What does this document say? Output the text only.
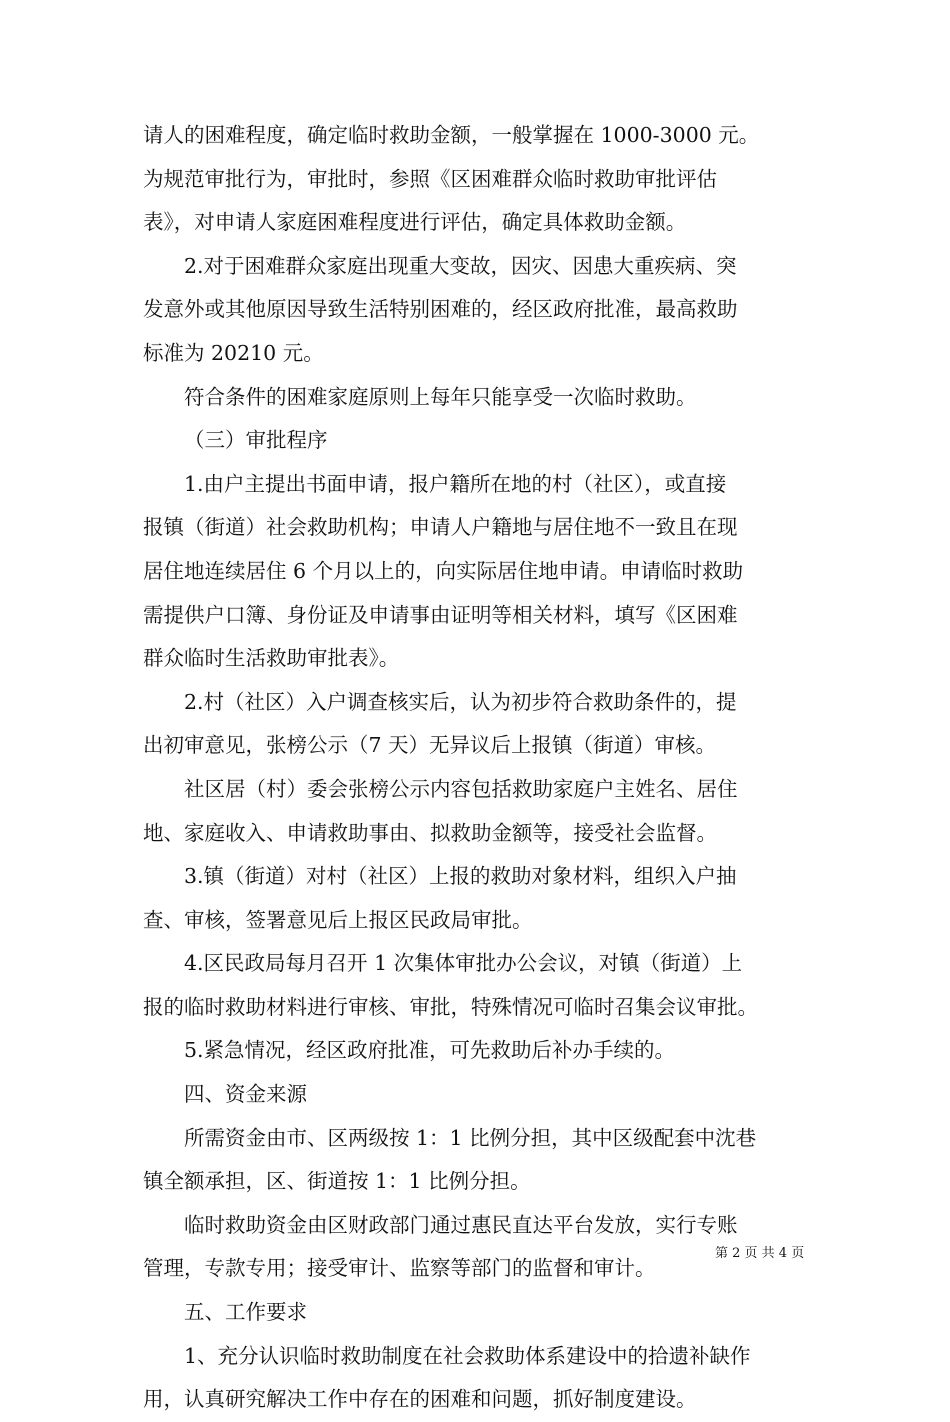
请人的困难程度，确定临时救助金额，一般掌握在 1000-3000 元。
为规范审批行为，审批时，参照《区困难群众临时救助审批评估
表》，对申请人家庭困难程度进行评估，确定具体救助金额。
2.对于困难群众家庭出现重大变故，因灾、因患大重疾病、突
发意外或其他原因导致生活特别困难的，经区政府批准，最高救助
标准为 20210 元。
符合条件的困难家庭原则上每年只能享受一次临时救助。
（三）审批程序
1.由户主提出书面申请，报户籍所在地的村（社区），或直接
报镇（街道）社会救助机构；申请人户籍地与居住地不一致且在现
居住地连续居住 6 个月以上的，向实际居住地申请。申请临时救助
需提供户口簿、身份证及申请事由证明等相关材料，填写《区困难
群众临时生活救助审批表》。
2.村（社区）入户调查核实后，认为初步符合救助条件的，提
出初审意见，张榜公示（7 天）无异议后上报镇（街道）审核。
社区居（村）委会张榜公示内容包括救助家庭户主姓名、居住
地、家庭收入、申请救助事由、拟救助金额等，接受社会监督。
3.镇（街道）对村（社区）上报的救助对象材料，组织入户抽
查、审核，签署意见后上报区民政局审批。
4.区民政局每月召开 1 次集体审批办公会议，对镇（街道）上
报的临时救助材料进行审核、审批，特殊情况可临时召集会议审批。
5.紧急情况，经区政府批准，可先救助后补办手续的。
四、资金来源
所需资金由市、区两级按 1：1 比例分担，其中区级配套中沈巷
镇全额承担，区、街道按 1：1 比例分担。
临时救助资金由区财政部门通过惠民直达平台发放，实行专账
管理，专款专用；接受审计、监察等部门的监督和审计。
五、工作要求
1、充分认识临时救助制度在社会救助体系建设中的拾遗补缺作
用，认真研究解决工作中存在的困难和问题，抓好制度建设。
第 2 页 共 4 页
